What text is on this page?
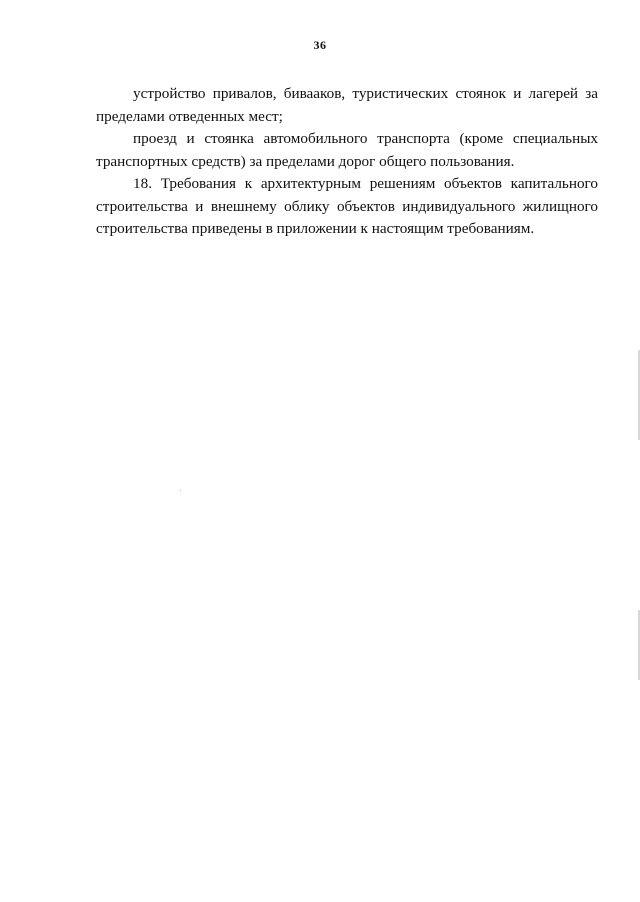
36

устройство привалов, бивааков, туристических стоянок и лагерей за пределами отведенных мест;

проезд и стоянка автомобильного транспорта (кроме специальных транспортных средств) за пределами дорог общего пользования.

18. Требования к архитектурным решениям объектов капитального строительства и внешнему облику объектов индивидуального жилищного строительства приведены в приложении к настоящим требованиям.
